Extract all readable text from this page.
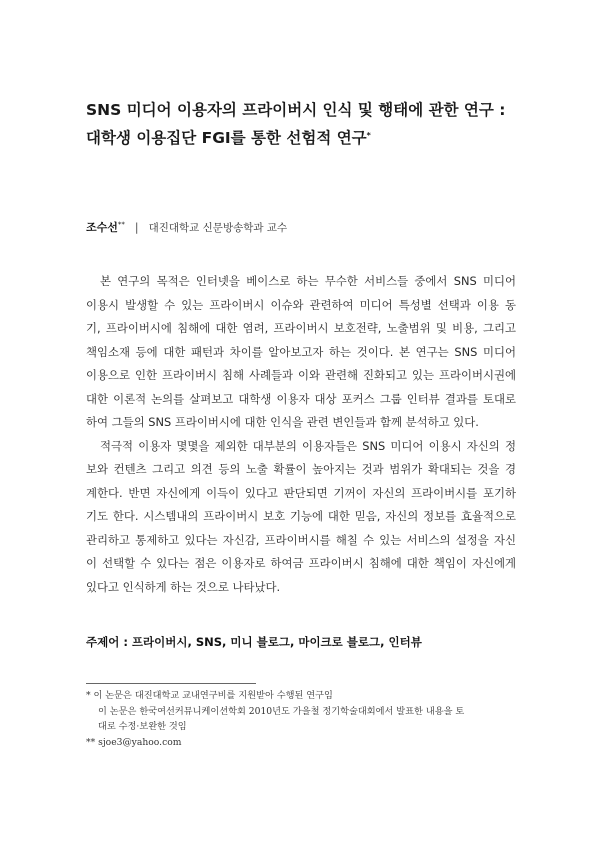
SNS 미디어 이용자의 프라이버시 인식 및 행태에 관한 연구 :
대학생 이용집단 FGI를 통한 선험적 연구*
조수선** | 대진대학교 신문방송학과 교수
본 연구의 목적은 인터넷을 베이스로 하는 무수한 서비스들 중에서 SNS 미디어
이용시 발생할 수 있는 프라이버시 이슈와 관련하여 미디어 특성별 선택과 이용 동
기, 프라이버시에 침해에 대한 염려, 프라이버시 보호전략, 노출범위 및 비용, 그리고
책임소재 등에 대한 패턴과 차이를 알아보고자 하는 것이다. 본 연구는 SNS 미디어
이용으로 인한 프라이버시 침해 사례들과 이와 관련해 진화되고 있는 프라이버시권에
대한 이론적 논의를 살펴보고 대학생 이용자 대상 포커스 그룹 인터뷰 결과를 토대로
하여 그들의 SNS 프라이버시에 대한 인식을 관련 변인들과 함께 분석하고 있다.
적극적 이용자 몇몇을 제외한 대부분의 이용자들은 SNS 미디어 이용시 자신의 정
보와 컨텐츠 그리고 의견 등의 노출 확률이 높아지는 것과 범위가 확대되는 것을 경
계한다. 반면 자신에게 이득이 있다고 판단되면 기꺼이 자신의 프라이버시를 포기하
기도 한다. 시스템내의 프라이버시 보호 기능에 대한 믿음, 자신의 정보를 효율적으로
관리하고 통제하고 있다는 자신감, 프라이버시를 해칠 수 있는 서비스의 설정을 자신
이 선택할 수 있다는 점은 이용자로 하여금 프라이버시 침해에 대한 책임이 자신에게
있다고 인식하게 하는 것으로 나타났다.
주제어 : 프라이버시, SNS, 미니 블로그, 마이크로 블로그, 인터뷰
* 이 논문은 대진대학교 교내연구비를 지원받아 수행된 연구임
이 논문은 한국여선커뮤니케이션학회 2010년도 가을철 정기학술대회에서 발표한 내용을 토
대로 수정·보완한 것임
** sjoe3@yahoo.com
